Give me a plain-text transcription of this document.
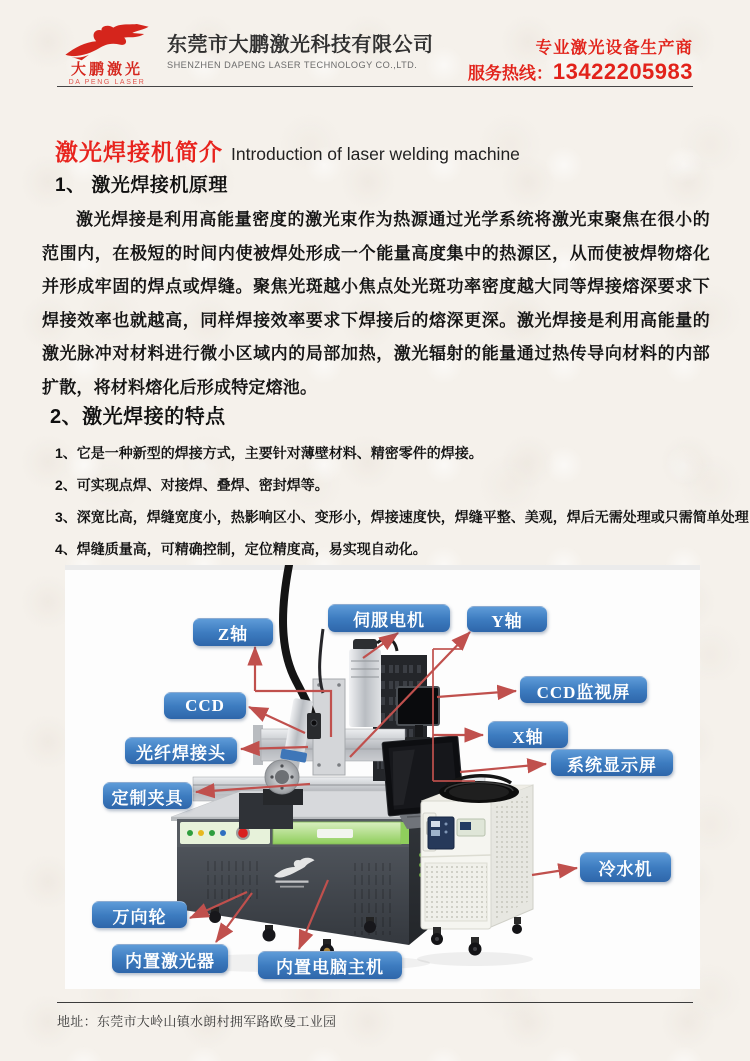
大鹏激光
DA PENG LASER
东莞市大鹏激光科技有限公司
SHENZHEN DAPENG LASER TECHNOLOGY CO.,LTD.
专业激光设备生产商
服务热线：13422205983
激光焊接机简介 Introduction of laser welding machine
1、 激光焊接机原理
激光焊接是利用高能量密度的激光束作为热源通过光学系统将激光束聚焦在很小的范围内，在极短的时间内使被焊处形成一个能量高度集中的热源区，从而使被焊物熔化并形成牢固的焊点或焊缝。聚焦光斑越小焦点处光斑功率密度越大同等焊接熔深要求下焊接效率也就越高，同样焊接效率要求下焊接后的熔深更深。激光焊接是利用高能量的激光脉冲对材料进行微小区域内的局部加热，激光辐射的能量通过热传导向材料的内部扩散，将材料熔化后形成特定熔池。
2、激光焊接的特点
1、它是一种新型的焊接方式，主要针对薄壁材料、精密零件的焊接。
2、可实现点焊、对接焊、叠焊、密封焊等。
3、深宽比高，焊缝宽度小，热影响区小、变形小，焊接速度快，焊缝平整、美观，焊后无需处理或只需简单处理
4、焊缝质量高，可精确控制，定位精度高，易实现自动化。
Z轴
伺服电机	Y轴
CCD
CCD监视屏
光纤焊接头
X轴
定制夹具
系统显示屏
万向轮
内置激光器	内置电脑主机
冷水机
地址：东莞市大岭山镇水朗村拥军路欧曼工业园
